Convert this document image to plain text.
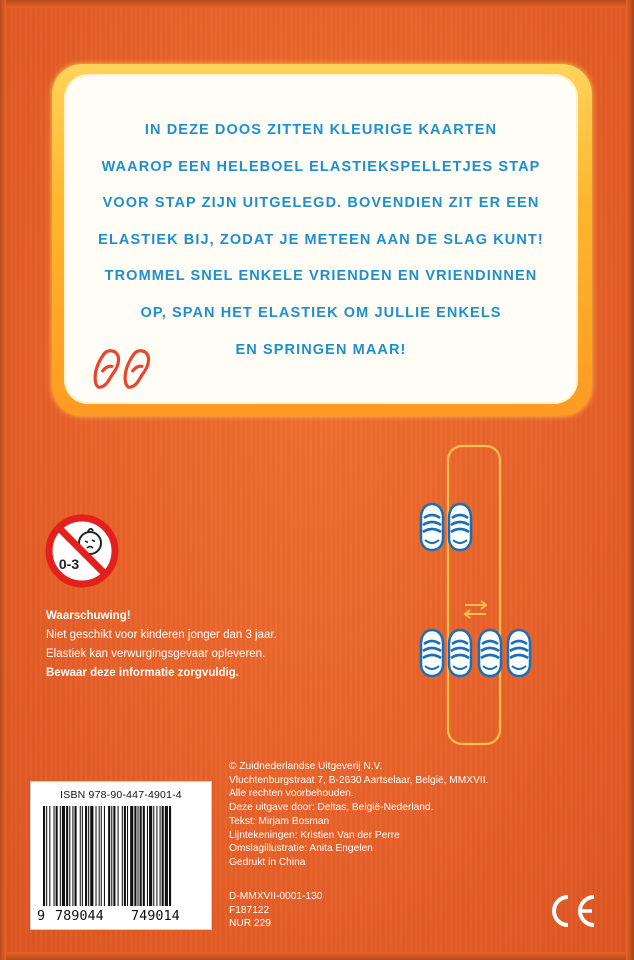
IN DEZE DOOS ZITTEN KLEURIGE KAARTEN
WAAROP EEN HELEBOEL ELASTIEKSPELLETJES STAP
VOOR STAP ZIJN UITGELEGD. BOVENDIEN ZIT ER EEN
ELASTIEK BIJ, ZODAT JE METEEN AAN DE SLAG KUNT!
TROMMEL SNEL ENKELE VRIENDEN EN VRIENDINNEN
OP, SPAN HET ELASTIEK OM JULLIE ENKELS
EN SPRINGEN MAAR!

0-3
Waarschuwing!
Niet geschikt voor kinderen jonger dan 3 jaar.
Elastiek kan verwurgingsgevaar opleveren.
Bewaar deze informatie zorgvuldig.
ISBN 978-90-447-4901-4
9 789044 749014
© Zuidnederlandse Uitgeverij N.V.
Vluchtenburgstraat 7, B-2630 Aartselaar, België, MMXVII.
Alle rechten voorbehouden.
Deze uitgave door: Deltas, België-Nederland.
Tekst: Mirjam Bosman
Lijntekeningen: Kristien Van der Perre
Omslagillustratie: Anita Engelen
Gedrukt in China
D-MMXVII-0001-130
F187122
NUR 229
